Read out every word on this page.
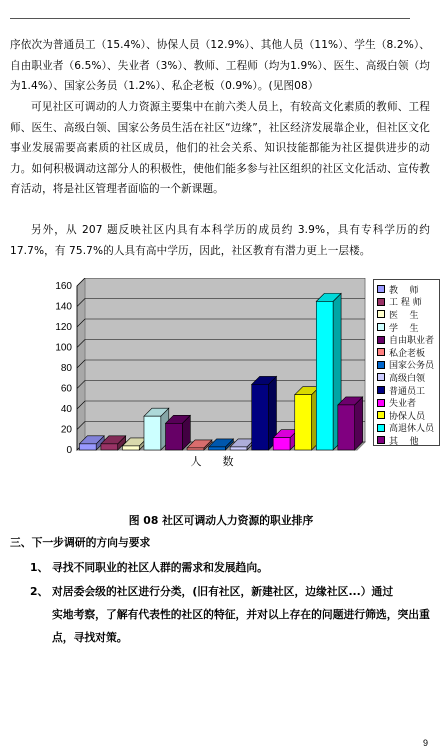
序依次为普通员工（15.4%）、协保人员（12.9%）、其他人员（11%）、学生（8.2%）、自由职业者（6.5%）、失业者（3%）、教师、工程师（均为1.9%）、医生、高级白领（均为1.4%）、国家公务员（1.2%）、私企老板（0.9%）。(见图08）

可见社区可调动的人力资源主要集中在前六类人员上，有较高文化素质的教师、工程师、医生、高级白领、国家公务员生活在社区“边缘”，社区经济发展靠企业，但社区文化事业发展需要高素质的社区成员，他们的社会关系、知识技能都能为社区提供进步的动力。如何积极调动这部分人的积极性，使他们能多参与社区组织的社区文化活动、宣传教育活动，将是社区管理者面临的一个新课题。

另外，从 207 题反映社区内具有本科学历的成员约 3.9%，具有专科学历的约 17.7%，有 75.7%的人具有高中学历，因此，社区教育有潜力更上一层楼。

0
20
40
60
80
100
120
140
160
人      数
教    师
工 程 师
医    生
学    生
自由职业者
私企老板
国家公务员
高级白领
普通员工
失业者
协保人员
高退休人员
其    他
图 08 社区可调动人力资源的职业排序
三、下一步调研的方向与要求
1、 寻找不同职业的社区人群的需求和发展趋向。
2、 对居委会级的社区进行分类，(旧有社区，新建社区，边缘社区...）通过
实地考察，了解有代表性的社区的特征，并对以上存在的问题进行筛选，突出重点，寻找对策。
9
